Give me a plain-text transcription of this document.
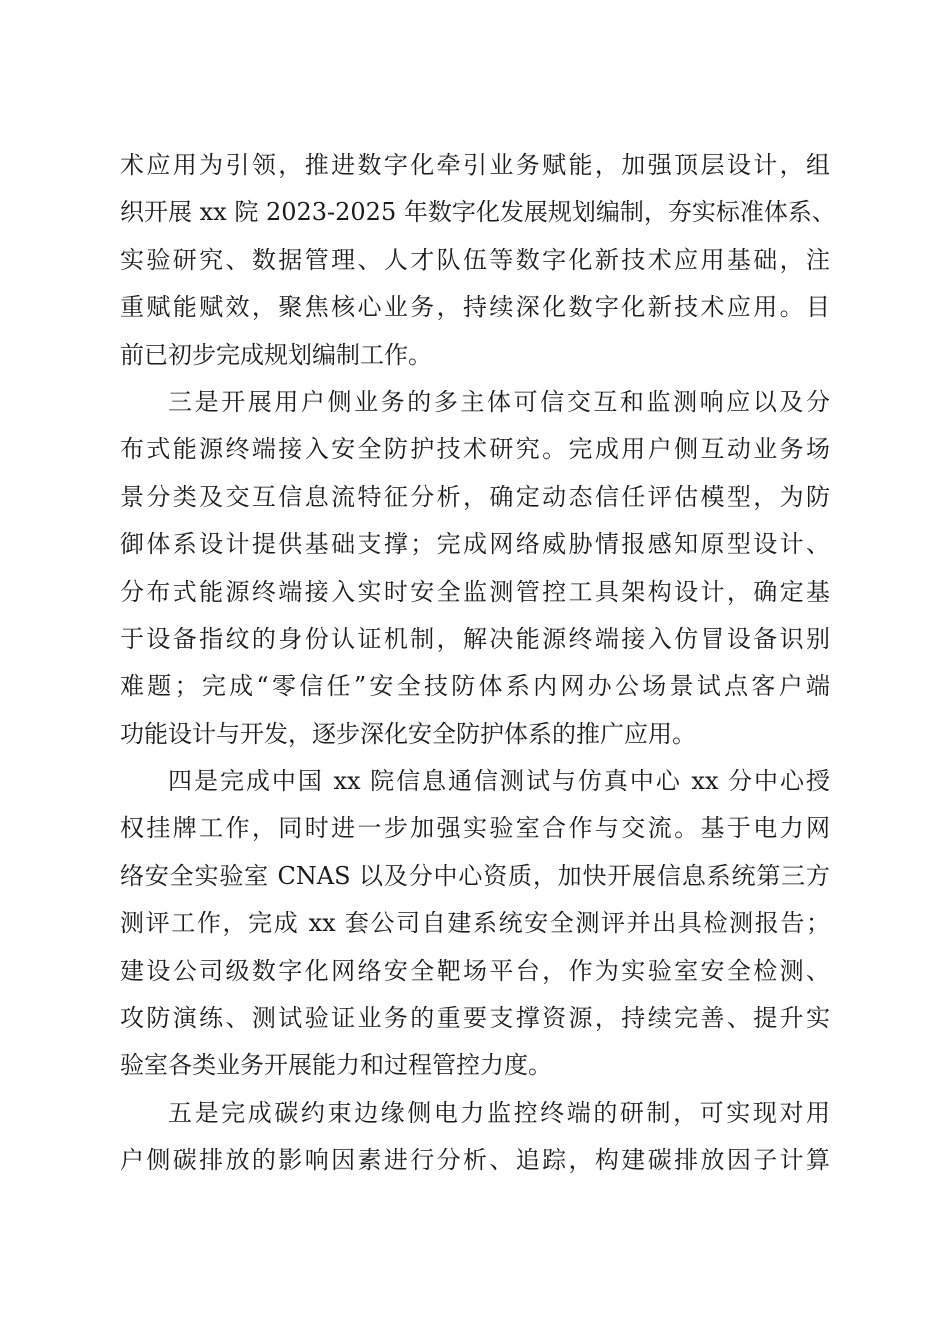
术应用为引领，推进数字化牵引业务赋能，加强顶层设计，组
织开展 xx 院 2023-2025 年数字化发展规划编制，夯实标准体系、
实验研究、数据管理、人才队伍等数字化新技术应用基础，注
重赋能赋效，聚焦核心业务，持续深化数字化新技术应用。目
前已初步完成规划编制工作。
三是开展用户侧业务的多主体可信交互和监测响应以及分
布式能源终端接入安全防护技术研究。完成用户侧互动业务场
景分类及交互信息流特征分析，确定动态信任评估模型，为防
御体系设计提供基础支撑；完成网络威胁情报感知原型设计、
分布式能源终端接入实时安全监测管控工具架构设计，确定基
于设备指纹的身份认证机制，解决能源终端接入仿冒设备识别
难题；完成“零信任”安全技防体系内网办公场景试点客户端
功能设计与开发，逐步深化安全防护体系的推广应用。
四是完成中国 xx 院信息通信测试与仿真中心 xx 分中心授
权挂牌工作，同时进一步加强实验室合作与交流。基于电力网
络安全实验室 CNAS 以及分中心资质，加快开展信息系统第三方
测评工作，完成 xx 套公司自建系统安全测评并出具检测报告；
建设公司级数字化网络安全靶场平台，作为实验室安全检测、
攻防演练、测试验证业务的重要支撑资源，持续完善、提升实
验室各类业务开展能力和过程管控力度。
五是完成碳约束边缘侧电力监控终端的研制，可实现对用
户侧碳排放的影响因素进行分析、追踪，构建碳排放因子计算
